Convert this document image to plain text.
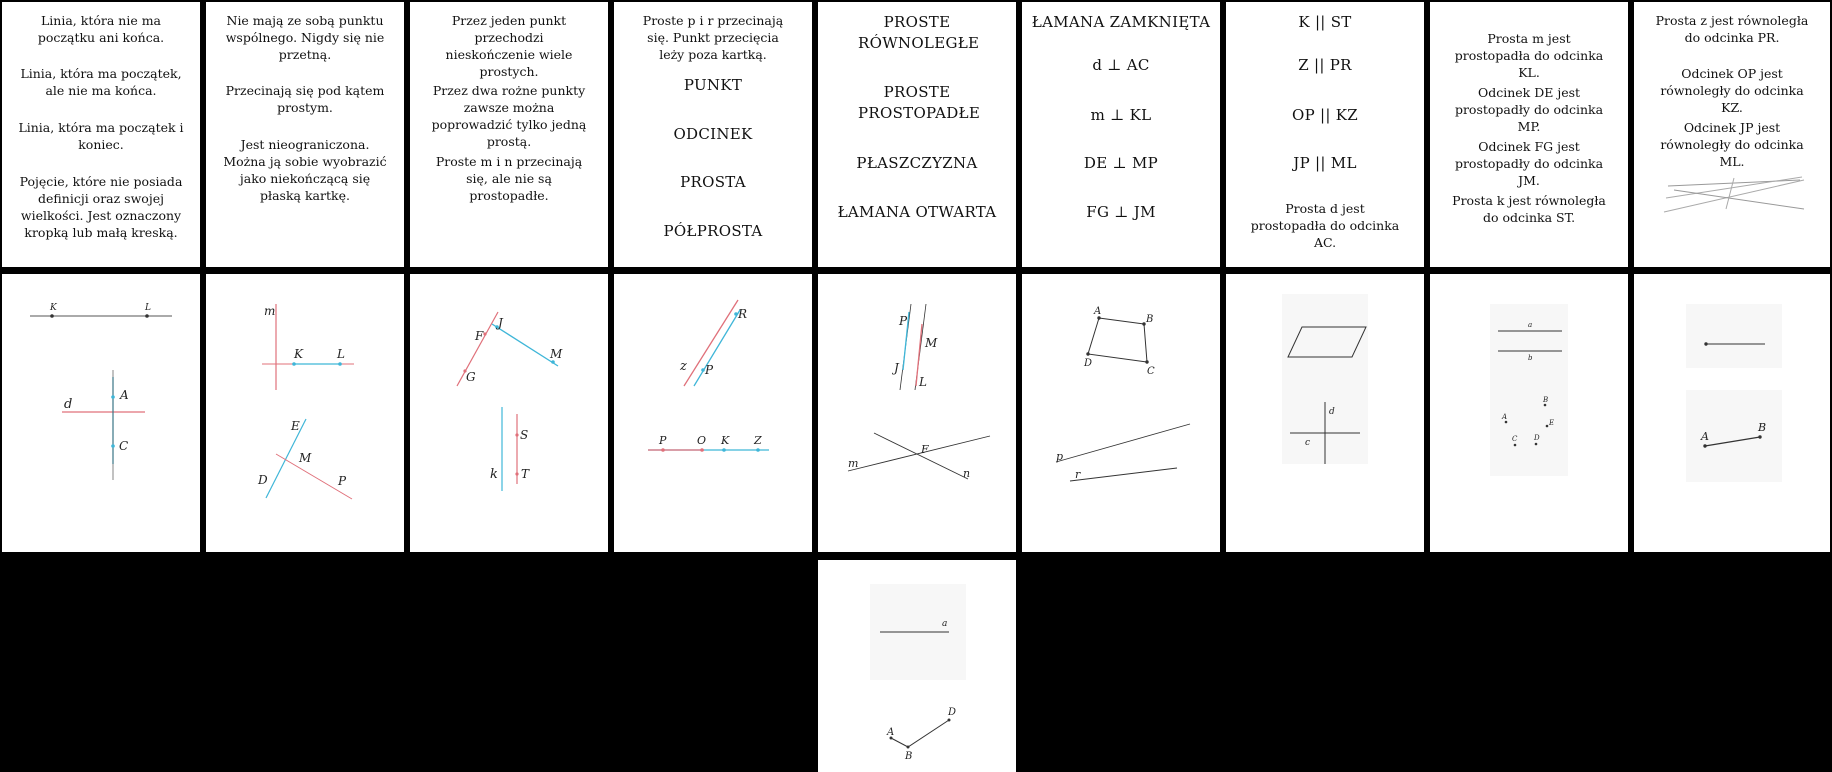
Linia, która nie ma początku ani końca.
Linia, która ma początek, ale nie ma końca.
Linia, która ma początek i koniec.
Pojęcie, które nie posiada definicji oraz swojej wielkości. Jest oznaczony kropką lub małą kreską.
Nie mają ze sobą punktu wspólnego. Nigdy się nie przetną.
Przecinają się pod kątem prostym.
Jest nieograniczona. Można ją sobie wyobrazić jako niekończącą się płaską kartkę.
Przez jeden punkt przechodzi nieskończenie wiele prostych.
Przez dwa rożne punkty zawsze można poprowadzić tylko jedną prostą.
Proste m i n przecinają się, ale nie są prostopadłe.
Proste p i r przecinają się. Punkt przecięcia leży poza kartką.
PUNKT
ODCINEK
PROSTA
PÓŁPROSTA
PROSTE RÓWNOLEGŁE
PROSTE PROSTOPADŁE
PŁASZCZYZNA
ŁAMANA OTWARTA
ŁAMANA ZAMKNIĘTA
d ⊥ AC
m ⊥ KL
DE ⊥ MP
FG ⊥ JM
K || ST
Z || PR
OP || KZ
JP || ML
Prosta d jest prostopadła do odcinka AC.
Prosta m jest prostopadła do odcinka KL.
Odcinek DE jest prostopadły do odcinka MP.
Odcinek FG jest prostopadły do odcinka JM.
Prosta k jest równoległa do odcinka ST.
Prosta z jest równoległa do odcinka PR.
Odcinek OP jest równoległy do odcinka KZ.
Odcinek JP jest równoległy do odcinka ML.
K	L
d
A
C
m
K	L
E
M
D	P
J
F
M
G
S
k T
R
z P
P	O K Z
P
M
J
L
F
m
n
A
B
D
C
p
r
d
c
a
b
B
A
E
C D	A
B
a
D
A
B
